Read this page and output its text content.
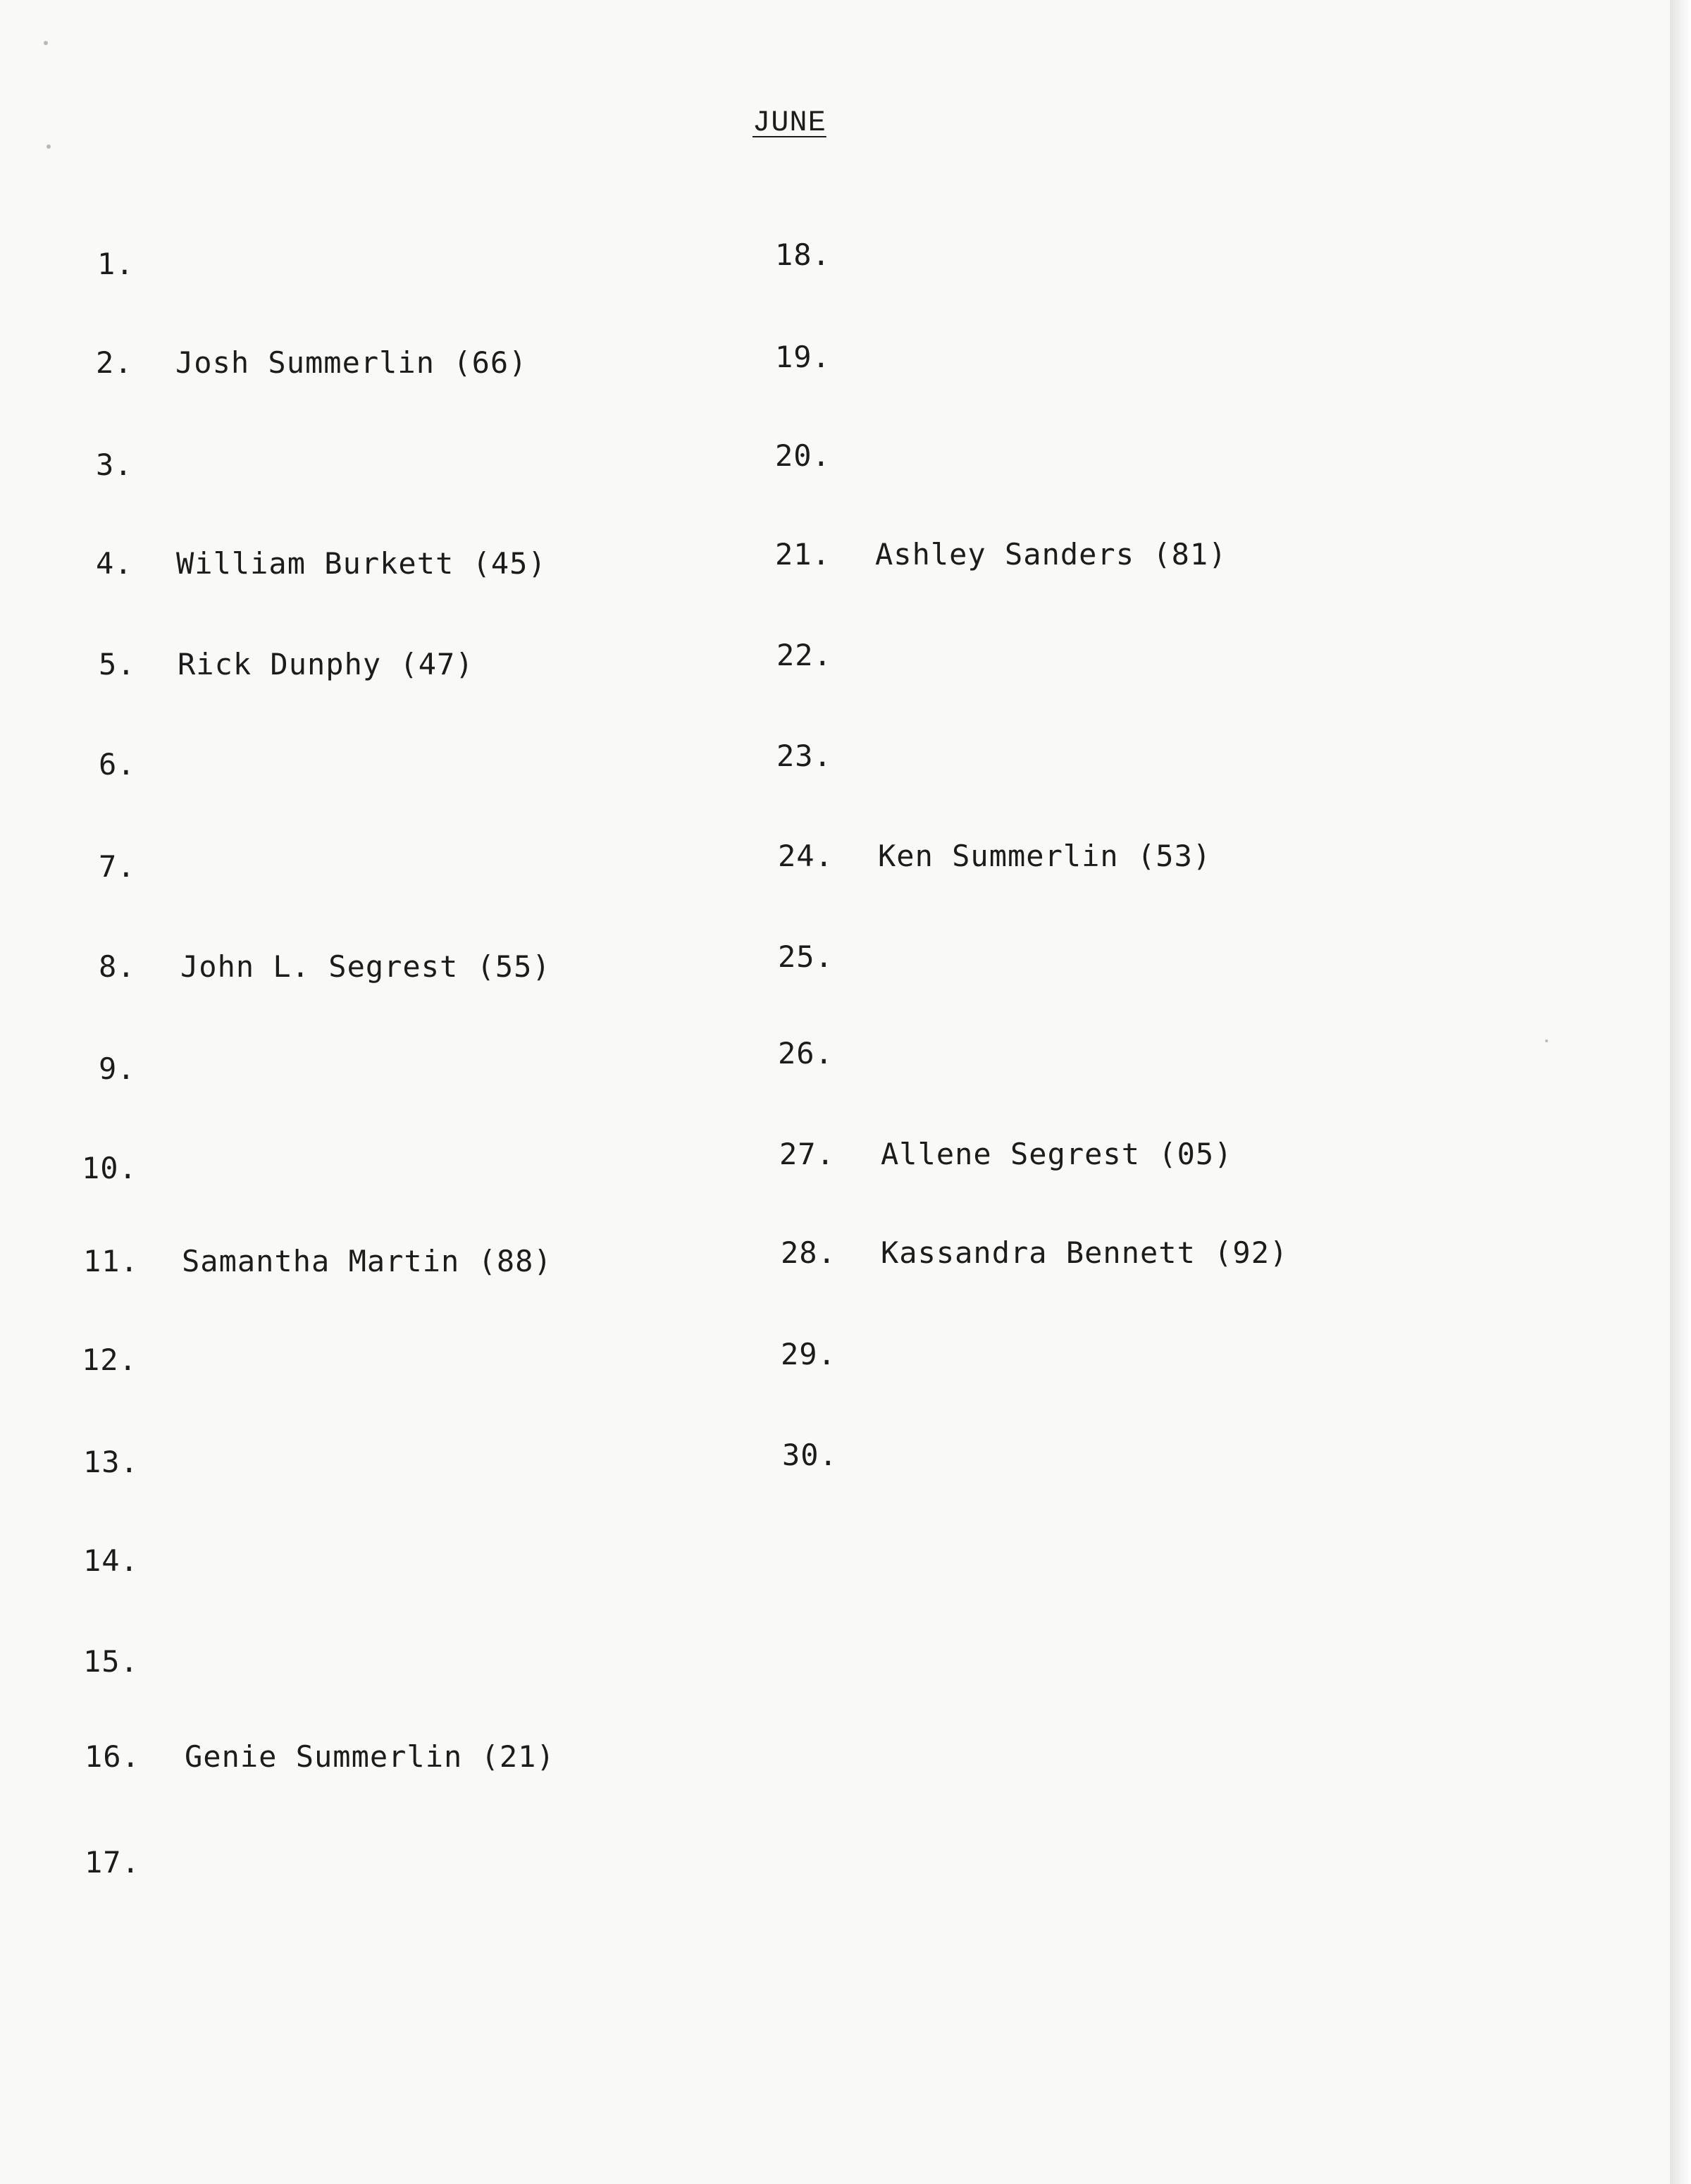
JUNE
1.
2. Josh Summerlin (66)
3.
4. William Burkett (45)
5. Rick Dunphy (47)
6.
7.
8. John L. Segrest (55)
9.
10.
11. Samantha Martin (88)
12.
13.
14.
15.
16. Genie Summerlin (21)
17.
18.
19.
20.
21. Ashley Sanders (81)
22.
23.
24. Ken Summerlin (53)
25.
26.
27. Allene Segrest (05)
28. Kassandra Bennett (92)
29.
30.
